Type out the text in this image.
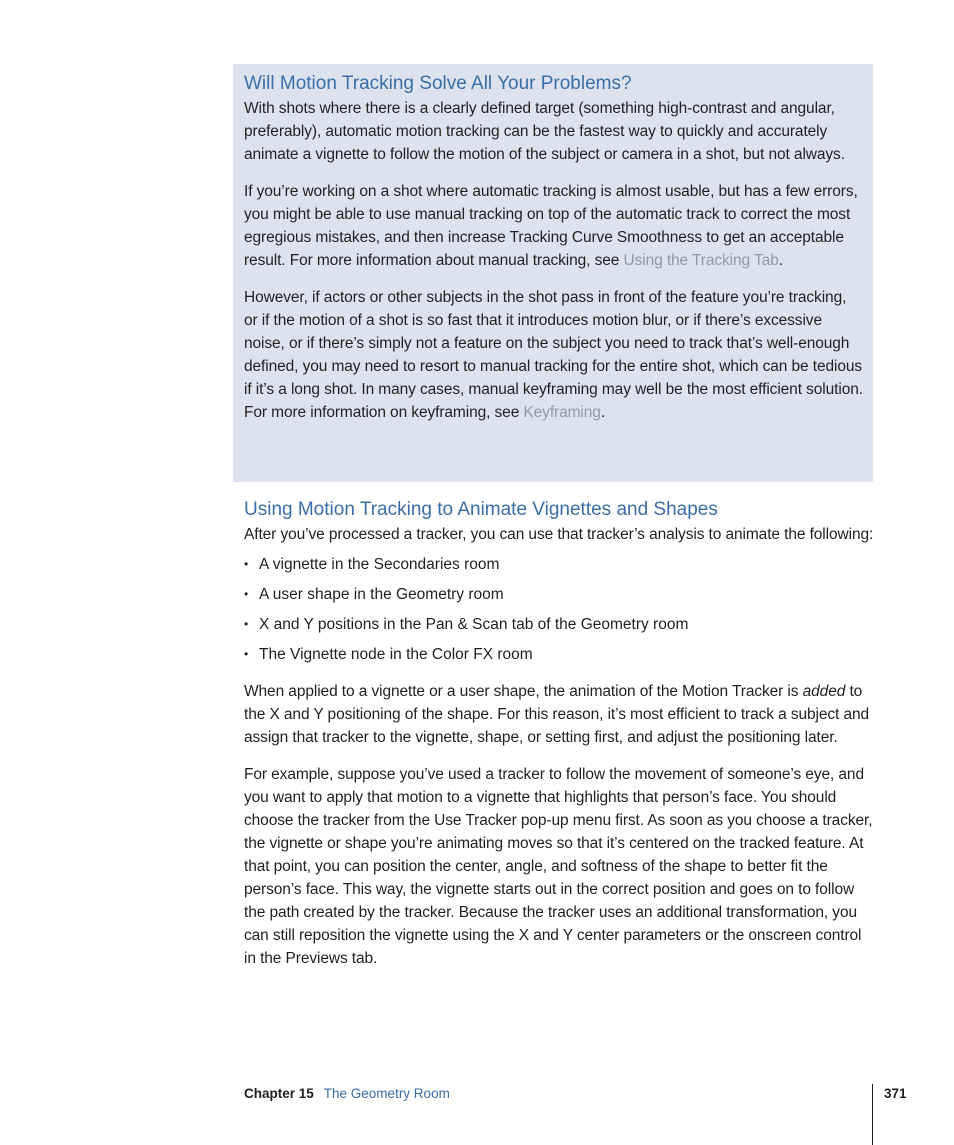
Will Motion Tracking Solve All Your Problems?

With shots where there is a clearly defined target (something high-contrast and angular, preferably), automatic motion tracking can be the fastest way to quickly and accurately animate a vignette to follow the motion of the subject or camera in a shot, but not always.

If you’re working on a shot where automatic tracking is almost usable, but has a few errors, you might be able to use manual tracking on top of the automatic track to correct the most egregious mistakes, and then increase Tracking Curve Smoothness to get an acceptable result. For more information about manual tracking, see Using the Tracking Tab.

However, if actors or other subjects in the shot pass in front of the feature you’re tracking, or if the motion of a shot is so fast that it introduces motion blur, or if there’s excessive noise, or if there’s simply not a feature on the subject you need to track that’s well-enough defined, you may need to resort to manual tracking for the entire shot, which can be tedious if it’s a long shot. In many cases, manual keyframing may well be the most efficient solution. For more information on keyframing, see Keyframing.

Using Motion Tracking to Animate Vignettes and Shapes

After you’ve processed a tracker, you can use that tracker’s analysis to animate the following:

• A vignette in the Secondaries room
• A user shape in the Geometry room
• X and Y positions in the Pan & Scan tab of the Geometry room
• The Vignette node in the Color FX room

When applied to a vignette or a user shape, the animation of the Motion Tracker is added to the X and Y positioning of the shape. For this reason, it’s most efficient to track a subject and assign that tracker to the vignette, shape, or setting first, and adjust the positioning later.

For example, suppose you’ve used a tracker to follow the movement of someone’s eye, and you want to apply that motion to a vignette that highlights that person’s face. You should choose the tracker from the Use Tracker pop-up menu first. As soon as you choose a tracker, the vignette or shape you’re animating moves so that it’s centered on the tracked feature. At that point, you can position the center, angle, and softness of the shape to better fit the person’s face. This way, the vignette starts out in the correct position and goes on to follow the path created by the tracker. Because the tracker uses an additional transformation, you can still reposition the vignette using the X and Y center parameters or the onscreen control in the Previews tab.

Chapter 15 The Geometry Room	371
